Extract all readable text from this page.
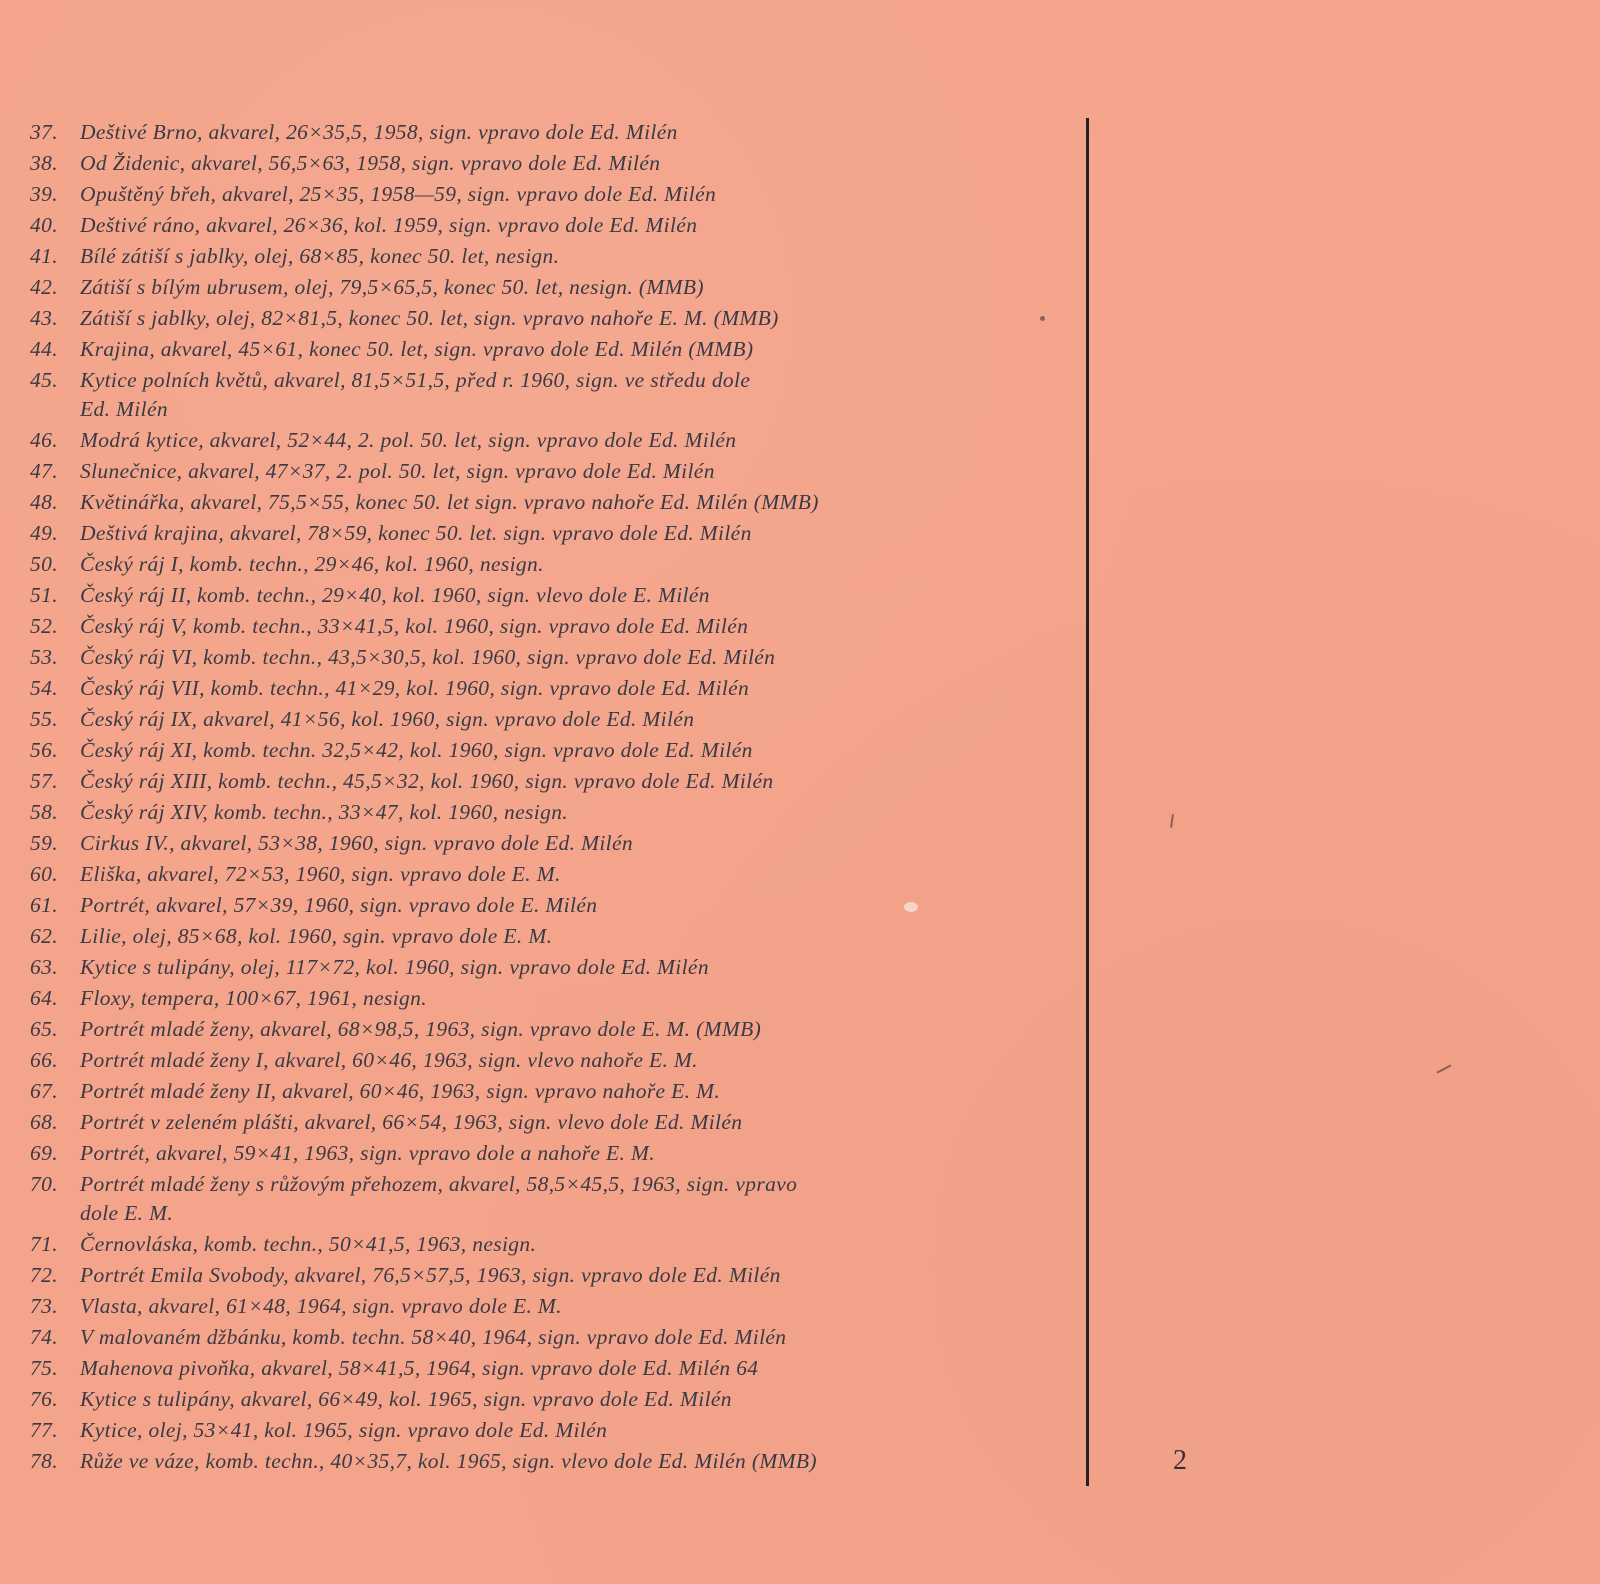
37.	Deštivé Brno, akvarel, 26×35,5, 1958, sign. vpravo dole Ed. Milén
38.	Od Židenic, akvarel, 56,5×63, 1958, sign. vpravo dole Ed. Milén
39.	Opuštěný břeh, akvarel, 25×35, 1958—59, sign. vpravo dole Ed. Milén
40.	Deštivé ráno, akvarel, 26×36, kol. 1959, sign. vpravo dole Ed. Milén
41.	Bílé zátiší s jablky, olej, 68×85, konec 50. let, nesign.
42.	Zátiší s bílým ubrusem, olej, 79,5×65,5, konec 50. let, nesign. (MMB)
43.	Zátiší s jablky, olej, 82×81,5, konec 50. let, sign. vpravo nahoře E. M. (MMB)
44.	Krajina, akvarel, 45×61, konec 50. let, sign. vpravo dole Ed. Milén (MMB)
45.	Kytice polních květů, akvarel, 81,5×51,5, před r. 1960, sign. ve středu dole
Ed. Milén
46.	Modrá kytice, akvarel, 52×44, 2. pol. 50. let, sign. vpravo dole Ed. Milén
47.	Slunečnice, akvarel, 47×37, 2. pol. 50. let, sign. vpravo dole Ed. Milén
48.	Květinářka, akvarel, 75,5×55, konec 50. let sign. vpravo nahoře Ed. Milén (MMB)
49.	Deštivá krajina, akvarel, 78×59, konec 50. let. sign. vpravo dole Ed. Milén
50.	Český ráj I, komb. techn., 29×46, kol. 1960, nesign.
51.	Český ráj II, komb. techn., 29×40, kol. 1960, sign. vlevo dole E. Milén
52.	Český ráj V, komb. techn., 33×41,5, kol. 1960, sign. vpravo dole Ed. Milén
53.	Český ráj VI, komb. techn., 43,5×30,5, kol. 1960, sign. vpravo dole Ed. Milén
54.	Český ráj VII, komb. techn., 41×29, kol. 1960, sign. vpravo dole Ed. Milén
55.	Český ráj IX, akvarel, 41×56, kol. 1960, sign. vpravo dole Ed. Milén
56.	Český ráj XI, komb. techn. 32,5×42, kol. 1960, sign. vpravo dole Ed. Milén
57.	Český ráj XIII, komb. techn., 45,5×32, kol. 1960, sign. vpravo dole Ed. Milén
58.	Český ráj XIV, komb. techn., 33×47, kol. 1960, nesign.
59.	Cirkus IV., akvarel, 53×38, 1960, sign. vpravo dole Ed. Milén
60.	Eliška, akvarel, 72×53, 1960, sign. vpravo dole E. M.
61.	Portrét, akvarel, 57×39, 1960, sign. vpravo dole E. Milén
62.	Lilie, olej, 85×68, kol. 1960, sgin. vpravo dole E. M.
63.	Kytice s tulipány, olej, 117×72, kol. 1960, sign. vpravo dole Ed. Milén
64.	Floxy, tempera, 100×67, 1961, nesign.
65.	Portrét mladé ženy, akvarel, 68×98,5, 1963, sign. vpravo dole E. M. (MMB)
66.	Portrét mladé ženy I, akvarel, 60×46, 1963, sign. vlevo nahoře E. M.
67.	Portrét mladé ženy II, akvarel, 60×46, 1963, sign. vpravo nahoře E. M.
68.	Portrét v zeleném plášti, akvarel, 66×54, 1963, sign. vlevo dole Ed. Milén
69.	Portrét, akvarel, 59×41, 1963, sign. vpravo dole a nahoře E. M.
70.	Portrét mladé ženy s růžovým přehozem, akvarel, 58,5×45,5, 1963, sign. vpravo
dole E. M.
71.	Černovláska, komb. techn., 50×41,5, 1963, nesign.
72.	Portrét Emila Svobody, akvarel, 76,5×57,5, 1963, sign. vpravo dole Ed. Milén
73.	Vlasta, akvarel, 61×48, 1964, sign. vpravo dole E. M.
74.	V malovaném džbánku, komb. techn. 58×40, 1964, sign. vpravo dole Ed. Milén
75.	Mahenova pivoňka, akvarel, 58×41,5, 1964, sign. vpravo dole Ed. Milén 64
76.	Kytice s tulipány, akvarel, 66×49, kol. 1965, sign. vpravo dole Ed. Milén
77.	Kytice, olej, 53×41, kol. 1965, sign. vpravo dole Ed. Milén
78.	Růže ve váze, komb. techn., 40×35,7, kol. 1965, sign. vlevo dole Ed. Milén (MMB)	2
